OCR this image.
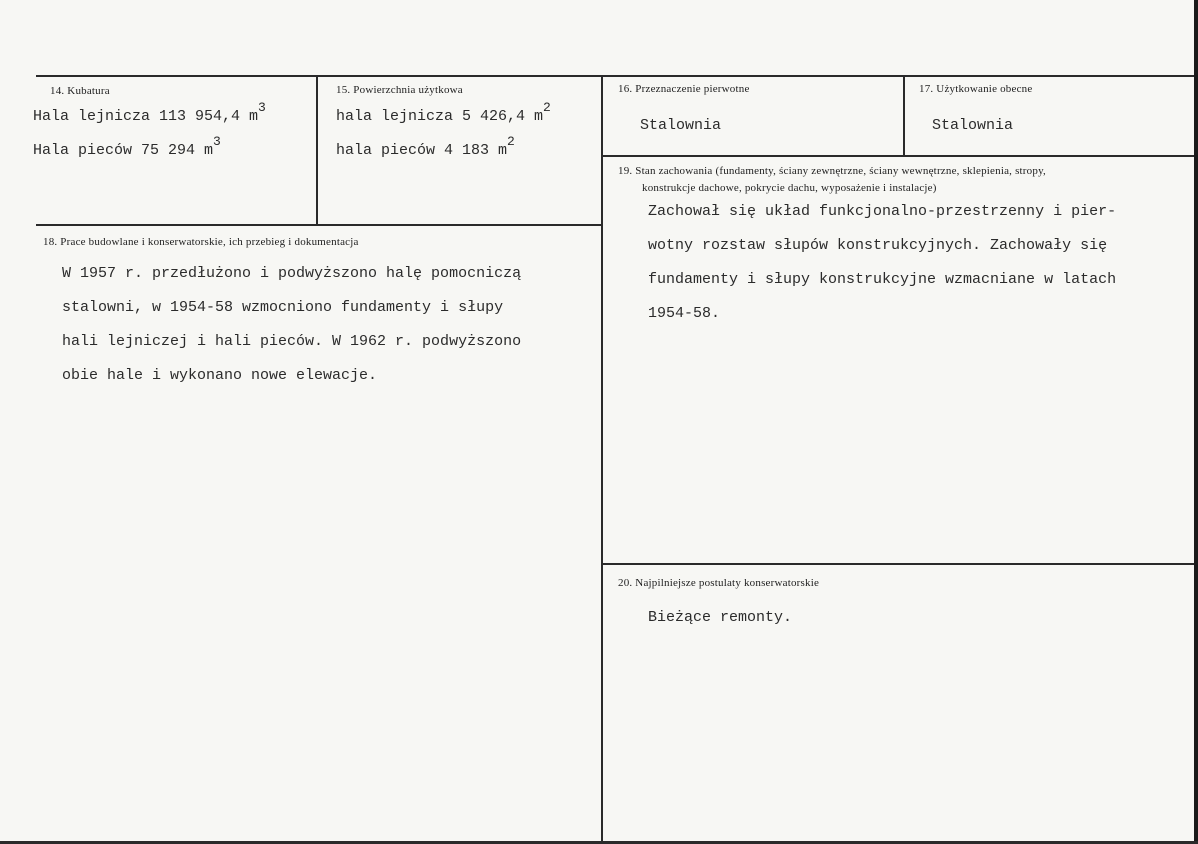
14. Kubatura
Hala lejnicza 113 954,4 m3
Hala pieców 75 294 m3
15. Powierzchnia użytkowa
hala lejnicza 5 426,4 m2
hala pieców 4 183 m2
16. Przeznaczenie pierwotne
Stalownia
17. Użytkowanie obecne
Stalownia
18. Prace budowlane i konserwatorskie, ich przebieg i dokumentacja
W 1957 r. przedłużono i podwyższono halę pomocniczą
stalowni, w 1954-58 wzmocniono fundamenty i słupy
hali lejniczej i hali pieców. W 1962 r. podwyższono
obie hale i wykonano nowe elewacje.
19. Stan zachowania (fundamenty, ściany zewnętrzne, ściany wewnętrzne, sklepienia, stropy,
konstrukcje dachowe, pokrycie dachu, wyposażenie i instalacje)
Zachował się układ funkcjonalno-przestrzenny i pier-
wotny rozstaw słupów konstrukcyjnych. Zachowały się
fundamenty i słupy konstrukcyjne wzmacniane w latach
1954-58.
20. Najpilniejsze postulaty konserwatorskie
Bieżące remonty.
